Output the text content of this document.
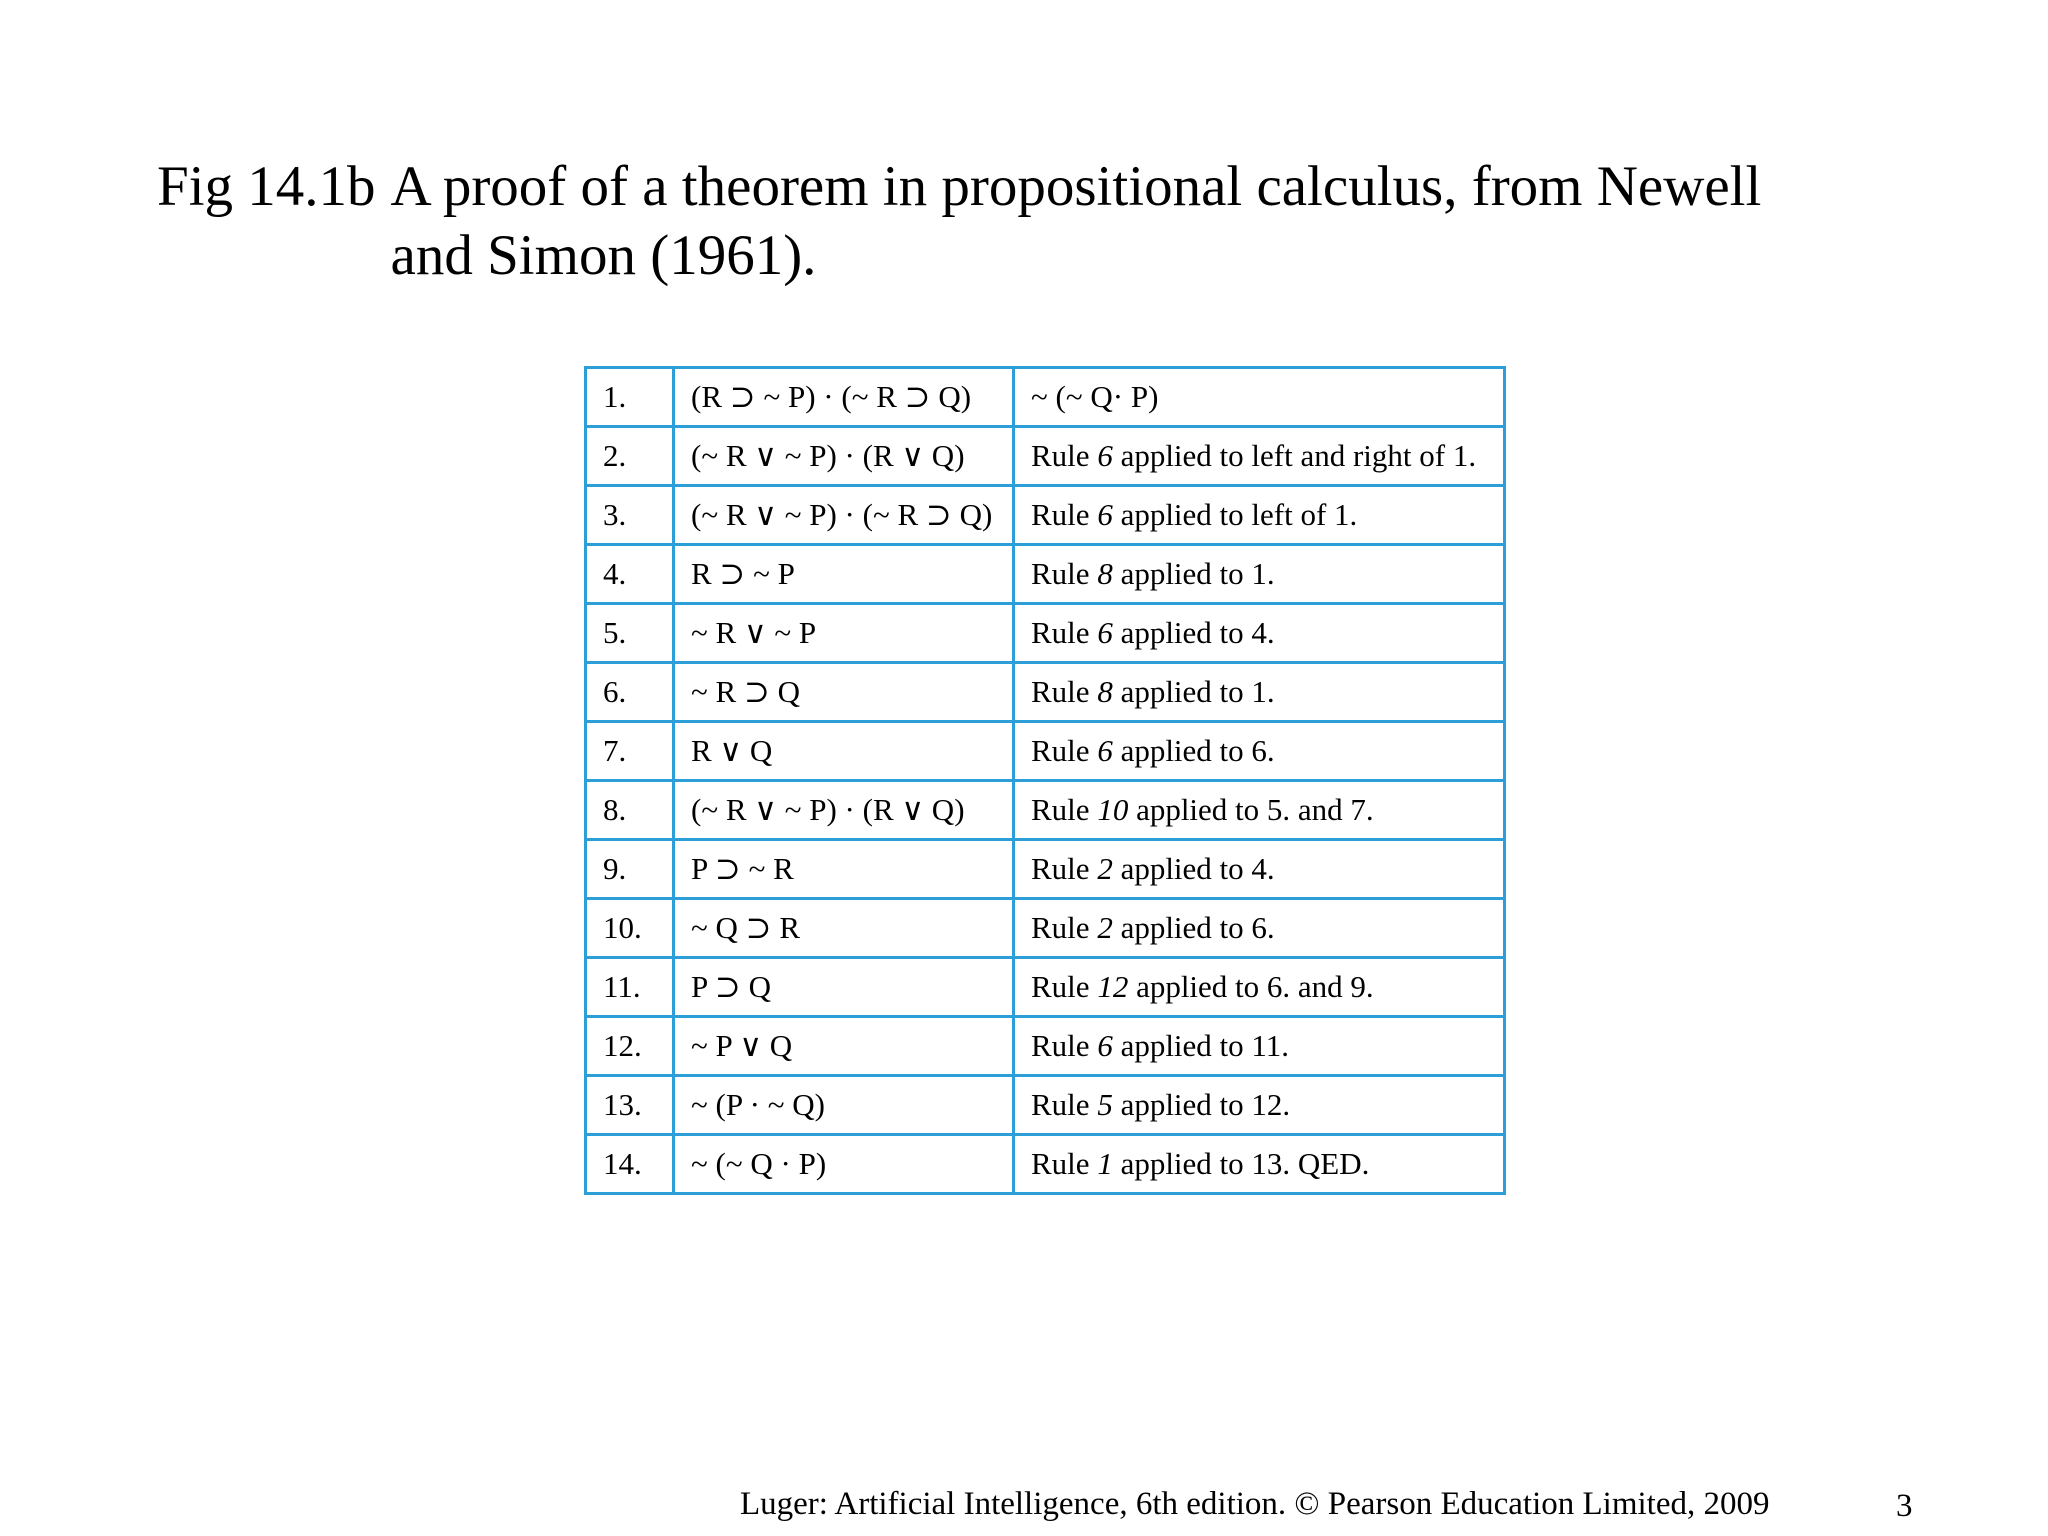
Fig 14.1b A proof of a theorem in propositional calculus, from Newell and Simon (1961).
1.	(R ⊃ ~ P) · (~ R ⊃ Q)	~ (~ Q· P)
2.	(~ R ∨ ~ P) · (R ∨ Q)	Rule 6 applied to left and right of 1.
3.	(~ R ∨ ~ P) · (~ R ⊃ Q)	Rule 6 applied to left of 1.
4.	R ⊃ ~ P	Rule 8 applied to 1.
5.	~ R ∨ ~ P	Rule 6 applied to 4.
6.	~ R ⊃ Q	Rule 8 applied to 1.
7.	R ∨ Q	Rule 6 applied to 6.
8.	(~ R ∨ ~ P) · (R ∨ Q)	Rule 10 applied to 5. and 7.
9.	P ⊃ ~ R	Rule 2 applied to 4.
10.	~ Q ⊃ R	Rule 2 applied to 6.
11.	P ⊃ Q	Rule 12 applied to 6. and 9.
12.	~ P ∨ Q	Rule 6 applied to 11.
13.	~ (P · ~ Q)	Rule 5 applied to 12.
14.	~ (~ Q · P)	Rule 1 applied to 13. QED.
Luger: Artificial Intelligence, 6th edition. © Pearson Education Limited, 2009	3
